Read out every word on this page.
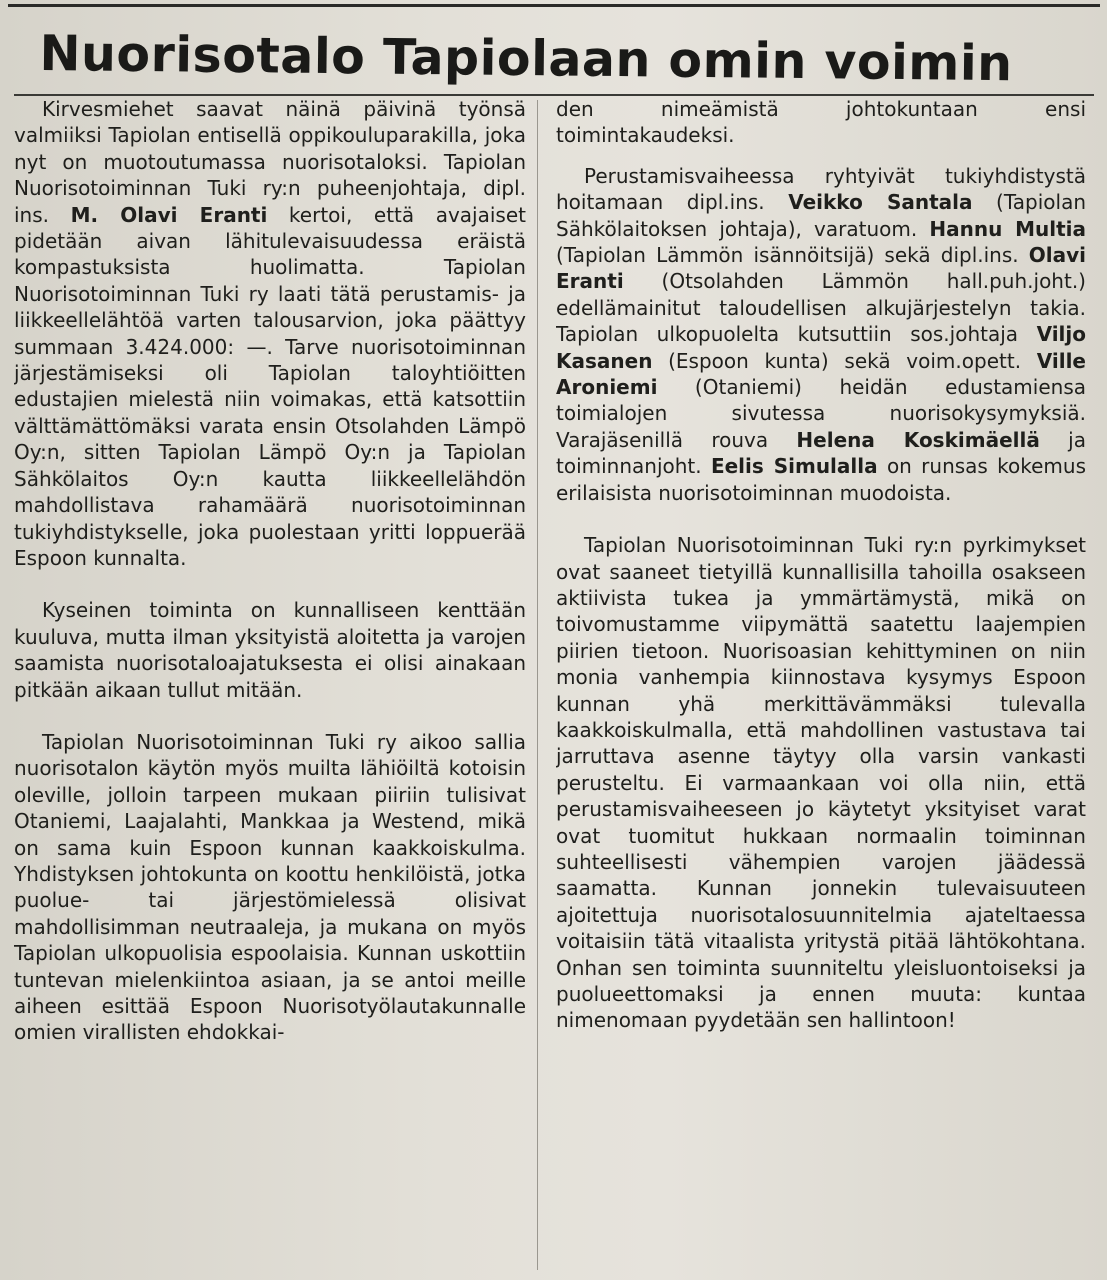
Nuorisotalo Tapiolaan omin voimin

Kirvesmiehet saavat näinä päivinä työnsä valmiiksi Tapiolan entisellä oppikouluparakilla, joka nyt on muotoutumassa nuorisotaloksi. Tapiolan Nuorisotoiminnan Tuki ry:n puheenjohtaja, dipl. ins. M. Olavi Eranti kertoi, että avajaiset pidetään aivan lähitulevaisuudessa eräistä kompastuksista huolimatta. Tapiolan Nuorisotoiminnan Tuki ry laati tätä perustamis- ja liikkeellelähtöä varten talousarvion, joka päättyy summaan 3.424.000: —. Tarve nuorisotoiminnan järjestämiseksi oli Tapiolan taloyhtiöitten edustajien mielestä niin voimakas, että katsottiin välttämättömäksi varata ensin Otsolahden Lämpö Oy:n, sitten Tapiolan Lämpö Oy:n ja Tapiolan Sähkölaitos Oy:n kautta liikkeellelähdön mahdollistava rahamäärä nuorisotoiminnan tukiyhdistykselle, joka puolestaan yritti loppuerää Espoon kunnalta.

Kyseinen toiminta on kunnalliseen kenttään kuuluva, mutta ilman yksityistä aloitetta ja varojen saamista nuorisotaloajatuksesta ei olisi ainakaan pitkään aikaan tullut mitään.

Tapiolan Nuorisotoiminnan Tuki ry aikoo sallia nuorisotalon käytön myös muilta lähiöiltä kotoisin oleville, jolloin tarpeen mukaan piiriin tulisivat Otaniemi, Laajalahti, Mankkaa ja Westend, mikä on sama kuin Espoon kunnan kaakkoiskulma. Yhdistyksen johtokunta on koottu henkilöistä, jotka puolue- tai järjestömielessä olisivat mahdollisimman neutraaleja, ja mukana on myös Tapiolan ulkopuolisia espoolaisia. Kunnan uskottiin tuntevan mielenkiintoa asiaan, ja se antoi meille aiheen esittää Espoon Nuorisotyölautakunnalle omien virallisten ehdokkai-

den nimeämistä johtokuntaan ensi toimintakaudeksi.

Perustamisvaiheessa ryhtyivät tukiyhdistystä hoitamaan dipl.ins. Veikko Santala (Tapiolan Sähkölaitoksen johtaja), varatuom. Hannu Multia (Tapiolan Lämmön isännöitsijä) sekä dipl.ins. Olavi Eranti (Otsolahden Lämmön hall.puh.joht.) edellämainitut taloudellisen alkujärjestelyn takia. Tapiolan ulkopuolelta kutsuttiin sos.johtaja Viljo Kasanen (Espoon kunta) sekä voim.opett. Ville Aroniemi (Otaniemi) heidän edustamiensa toimialojen sivutessa nuorisokysymyksiä. Varajäsenillä rouva Helena Koskimäellä ja toiminnanjoht. Eelis Simulalla on runsas kokemus erilaisista nuorisotoiminnan muodoista.

Tapiolan Nuorisotoiminnan Tuki ry:n pyrkimykset ovat saaneet tietyillä kunnallisilla tahoilla osakseen aktiivista tukea ja ymmärtämystä, mikä on toivomustamme viipymättä saatettu laajempien piirien tietoon. Nuorisoasian kehittyminen on niin monia vanhempia kiinnostava kysymys Espoon kunnan yhä merkittävämmäksi tulevalla kaakkoiskulmalla, että mahdollinen vastustava tai jarruttava asenne täytyy olla varsin vankasti perusteltu. Ei varmaankaan voi olla niin, että perustamisvaiheeseen jo käytetyt yksityiset varat ovat tuomitut hukkaan normaalin toiminnan suhteellisesti vähempien varojen jäädessä saamatta. Kunnan jonnekin tulevaisuuteen ajoitettuja nuorisotalosuunnitelmia ajateltaessa voitaisiin tätä vitaalista yritystä pitää lähtökohtana. Onhan sen toiminta suunniteltu yleisluontoiseksi ja puolueettomaksi ja ennen muuta: kuntaa nimenomaan pyydetään sen hallintoon!
